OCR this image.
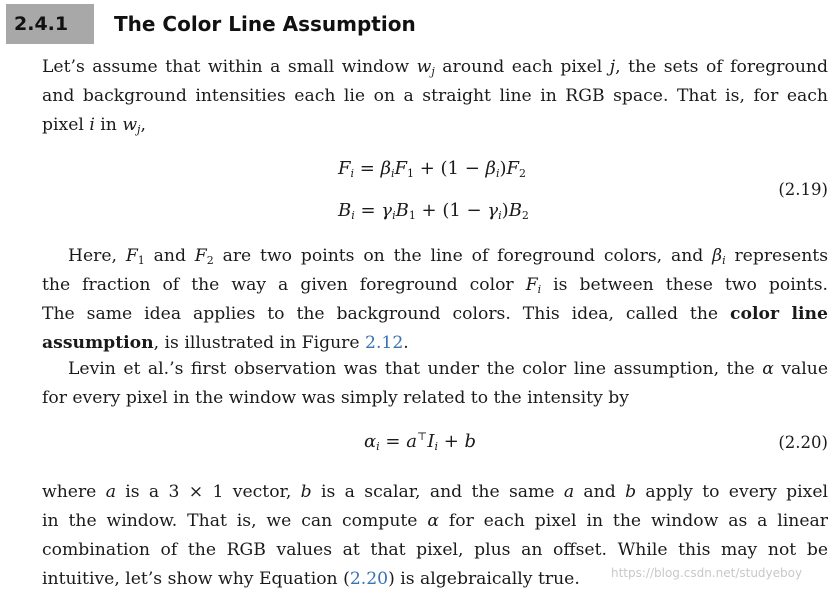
2.4.1	The Color Line Assumption
Let’s assume that within a small window $w_j$ around each pixel j, the sets of foreground
and background intensities each lie on a straight line in RGB space. That is, for each
pixel i in $w_j$,
$F_i = \beta_iF_1 + (1 - \beta_i)F_2$
$B_i = \gamma_iB_1 + (1 - \gamma_i)B_2$
(2.19)
Here, $F_1$ and $F_2$ are two points on the line of foreground colors, and $\beta_i$ represents
the fraction of the way a given foreground color $F_i$ is between these two points.
The same idea applies to the background colors. This idea, called the color line
assumption, is illustrated in Figure 2.12.
Levin et al.’s first observation was that under the color line assumption, the α value
for every pixel in the window was simply related to the intensity by
$\alpha_i = a^⊤I_i + b$	(2.20)
where a is a 3 × 1 vector, b is a scalar, and the same a and b apply to every pixel
in the window. That is, we can compute α for each pixel in the window as a linear
combination of the RGB values at that pixel, plus an offset. While this may not be
intuitive, let’s show why Equation (2.20) is algebraically true.	https://blog.csdn.net/studyeboy
